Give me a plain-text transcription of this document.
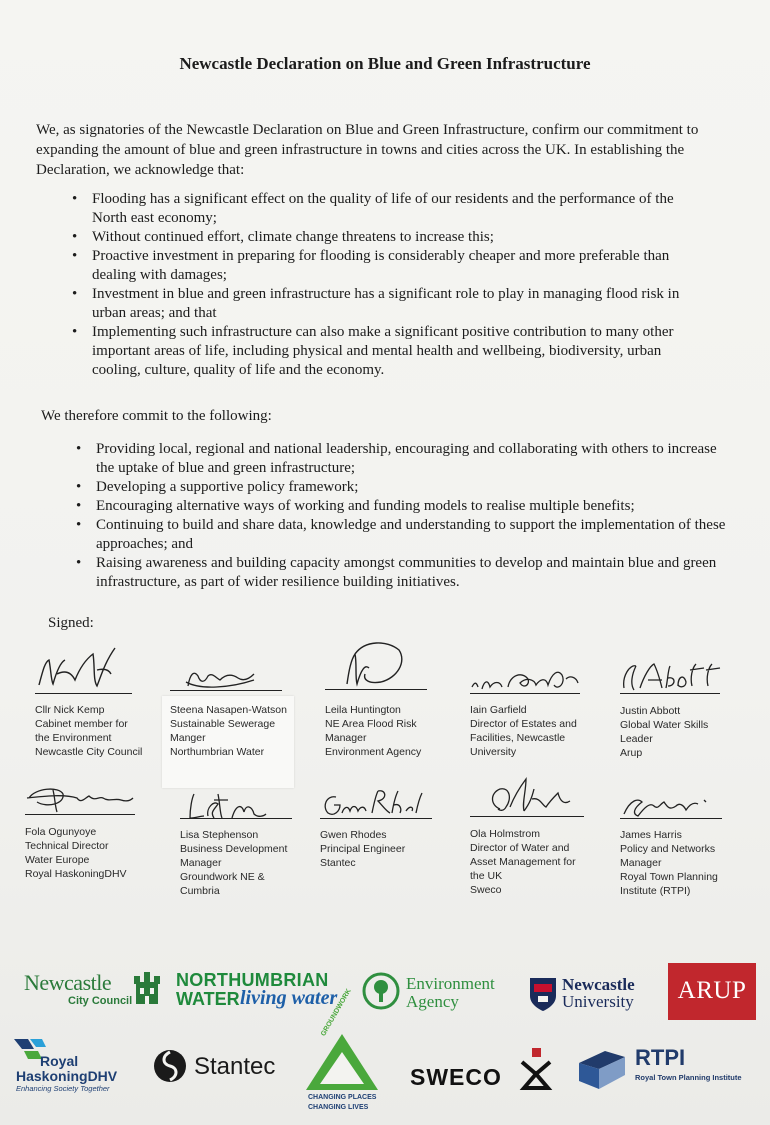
Newcastle Declaration on Blue and Green Infrastructure
We, as signatories of the Newcastle Declaration on Blue and Green Infrastructure, confirm our commitment to expanding the amount of blue and green infrastructure in towns and cities across the UK. In establishing the Declaration, we acknowledge that:
• Flooding has a significant effect on the quality of life of our residents and the performance of the North east economy;
• Without continued effort, climate change threatens to increase this;
• Proactive investment in preparing for flooding is considerably cheaper and more preferable than dealing with damages;
• Investment in blue and green infrastructure has a significant role to play in managing flood risk in urban areas; and that
• Implementing such infrastructure can also make a significant positive contribution to many other important areas of life, including physical and mental health and wellbeing, biodiversity, urban cooling, culture, quality of life and the economy.
We therefore commit to the following:
• Providing local, regional and national leadership, encouraging and collaborating with others to increase the uptake of blue and green infrastructure;
• Developing a supportive policy framework;
• Encouraging alternative ways of working and funding models to realise multiple benefits;
• Continuing to build and share data, knowledge and understanding to support the implementation of these approaches; and
• Raising awareness and building capacity amongst communities to develop and maintain blue and green infrastructure, as part of wider resilience building initiatives.
Signed:
Cllr Nick Kemp
Cabinet member for
the Environment
Newcastle City Council
Steena Nasapen-Watson
Sustainable Sewerage
Manger
Northumbrian Water
Leila Huntington
NE Area Flood Risk
Manager
Environment Agency
Iain Garfield
Director of Estates and
Facilities, Newcastle
University
Justin Abbott
Global Water Skills
Leader
Arup
Fola Ogunyoye
Technical Director
Water Europe
Royal HaskoningDHV
Lisa Stephenson
Business Development
Manager
Groundwork NE &
Cumbria
Gwen Rhodes
Principal Engineer
Stantec
Ola Holmstrom
Director of Water and
Asset Management for
the UK
Sweco
James Harris
Policy and Networks
Manager
Royal Town Planning
Institute (RTPI)
Newcastle
City Council
NORTHUMBRIAN
WATER living water
Environment
Agency
Newcastle
University	ARUP
Royal
HaskoningDHV
Enhancing Society Together
Stantec
GROUNDWORK
CHANGING PLACES
CHANGING LIVES
SWECO
RTPI
Royal Town Planning Institute
